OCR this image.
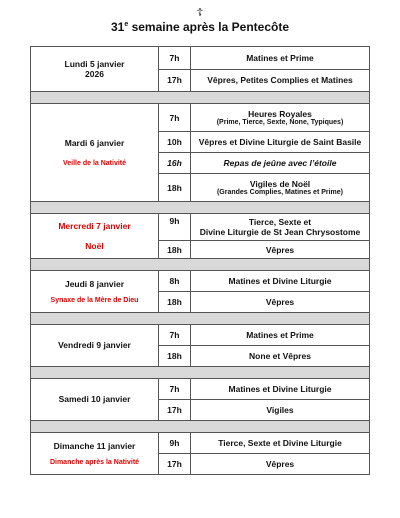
☦
31e semaine après la Pentecôte
Lundi 5 janvier
2026	7h	Matines et Prime

17h	Vêpres, Petites Complies et Matines

Mardi 6 janvier
Veille de la Nativité	7h	Heures Royales
(Prime, Tierce, Sexte, None, Typiques)

10h	Vêpres et Divine Liturgie de Saint Basile

16h	Repas de jeûne avec l’étoile

18h	Vigiles de Noël
(Grandes Complies, Matines et Prime)

Mercredi 7 janvier
Noël	9h	Tierce, Sexte et
Divine Liturgie de St Jean Chrysostome

18h	Vêpres

Jeudi 8 janvier
Synaxe de la Mère de Dieu	8h	Matines et Divine Liturgie

18h	Vêpres

Vendredi 9 janvier	7h	Matines et Prime

18h	None et Vêpres

Samedi 10 janvier	7h	Matines et Divine Liturgie

17h	Vigiles

Dimanche 11 janvier
Dimanche après la Nativité	9h	Tierce, Sexte et Divine Liturgie

17h	Vêpres
